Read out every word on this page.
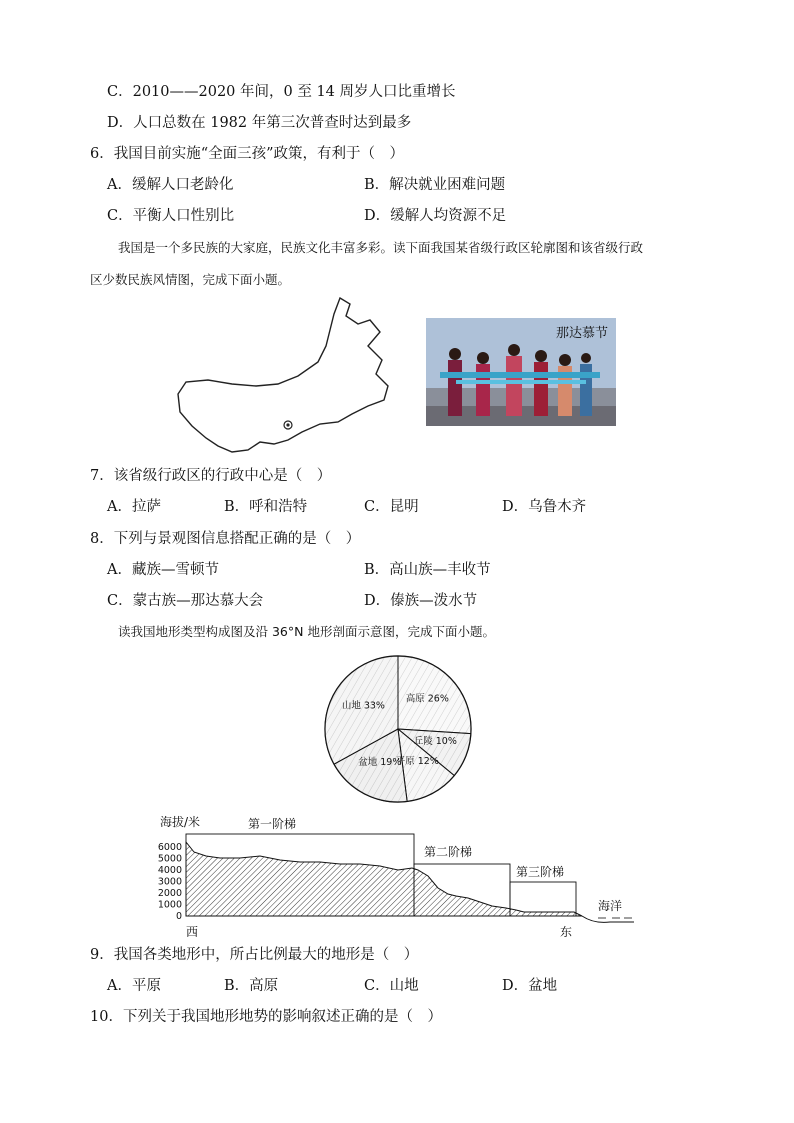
C．2010——2020 年间，0 至 14 周岁人口比重增长
D．人口总数在 1982 年第三次普查时达到最多
6．我国目前实施“全面三孩”政策，有利于（　）
A．缓解人口老龄化	B．解决就业困难问题
C．平衡人口性别比	D．缓解人均资源不足
我国是一个多民族的大家庭，民族文化丰富多彩。读下面我国某省级行政区轮廓图和该省级行政
区少数民族风情图，完成下面小题。
那达慕节
7．该省级行政区的行政中心是（　）
A．拉萨	B．呼和浩特	C．昆明	D．乌鲁木齐
8．下列与景观图信息搭配正确的是（　）
A．藏族—雪顿节	B．高山族—丰收节
C．蒙古族—那达慕大会	D．傣族—泼水节
读我国地形类型构成图及沿 36°N 地形剖面示意图，完成下面小题。
高原 26%
丘陵 10%
平原 12%
盆地 19%
山地 33%
海拔/米
6000
5000
4000
3000
2000
1000
0
第一阶梯
第二阶梯
第三阶梯
海洋
西	东
9．我国各类地形中，所占比例最大的地形是（　）
A．平原	B．高原	C．山地	D．盆地
10．下列关于我国地形地势的影响叙述正确的是（　）
